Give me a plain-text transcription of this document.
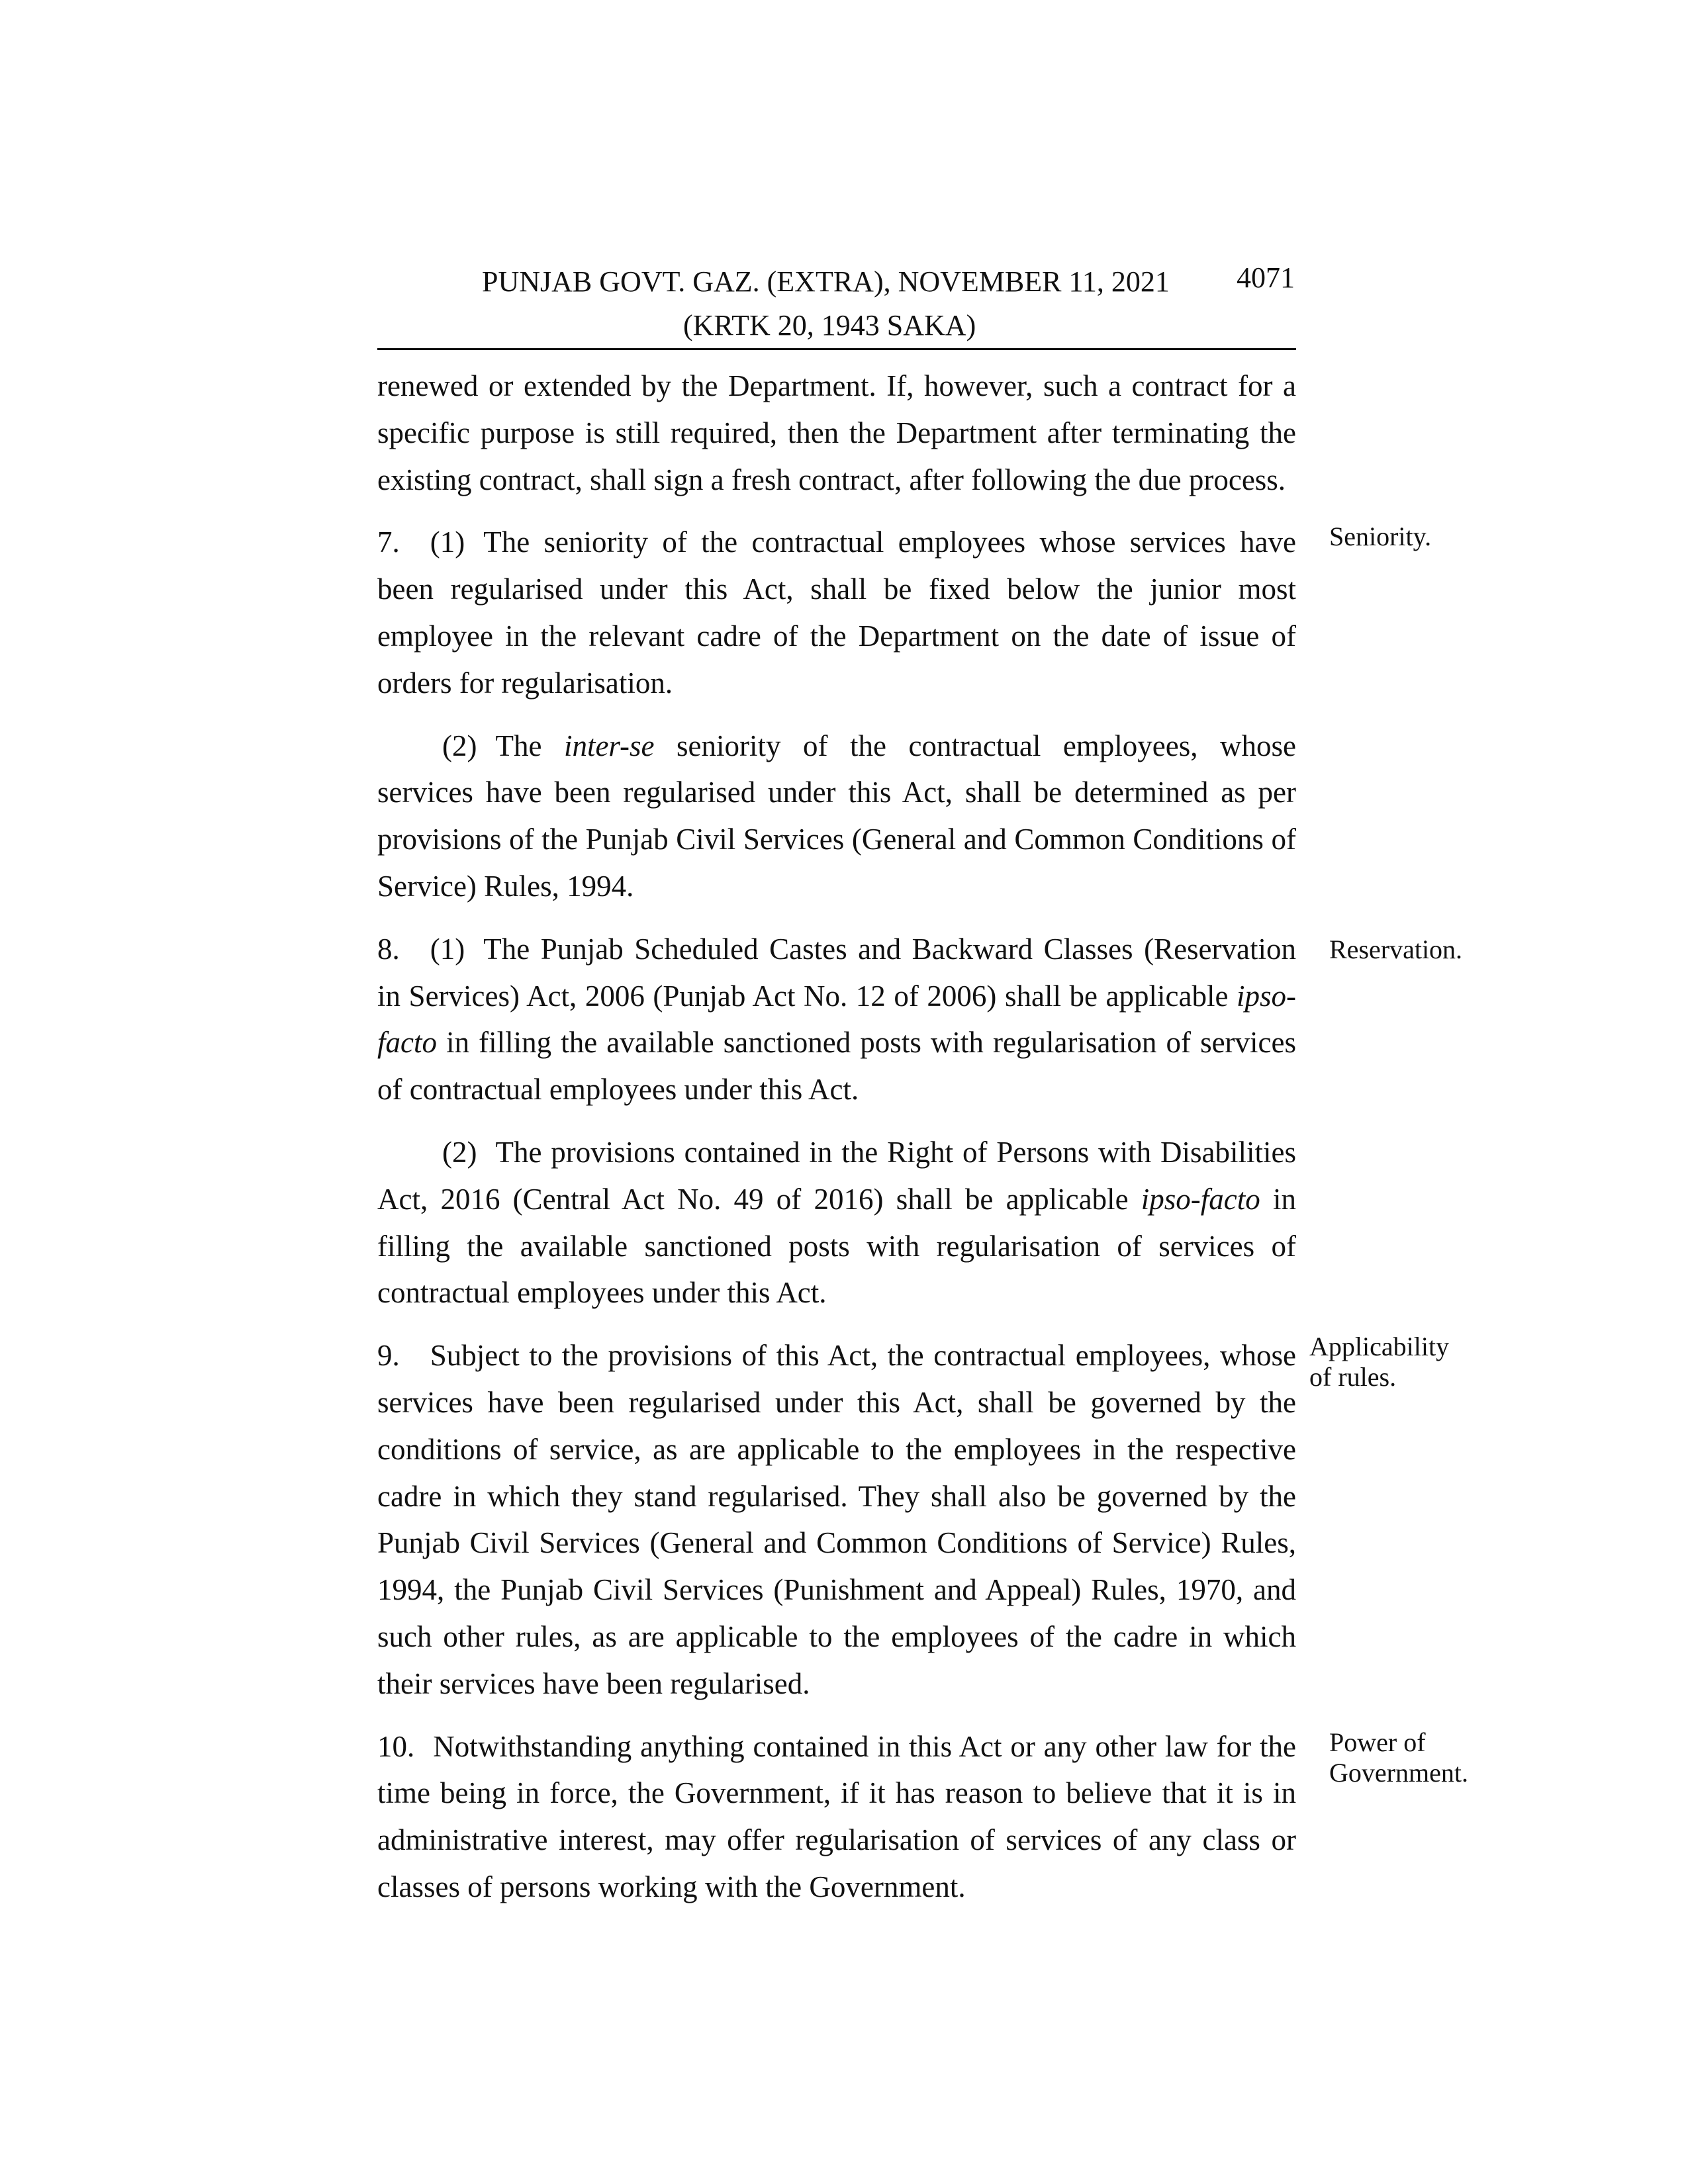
PUNJAB GOVT. GAZ. (EXTRA), NOVEMBER 11, 2021 4071
(KRTK 20, 1943 SAKA)

renewed or extended by the Department. If, however, such a contract for a specific purpose is still required, then the Department after terminating the existing contract, shall sign a fresh contract, after following the due process.

7. (1) The seniority of the contractual employees whose services have been regularised under this Act, shall be fixed below the junior most employee in the relevant cadre of the Department on the date of issue of orders for regularisation.

(2) The inter-se seniority of the contractual employees, whose services have been regularised under this Act, shall be determined as per provisions of the Punjab Civil Services (General and Common Conditions of Service) Rules, 1994.

8. (1) The Punjab Scheduled Castes and Backward Classes (Reservation in Services) Act, 2006 (Punjab Act No. 12 of 2006) shall be applicable ipso-facto in filling the available sanctioned posts with regularisation of services of contractual employees under this Act.

(2) The provisions contained in the Right of Persons with Disabilities Act, 2016 (Central Act No. 49 of 2016) shall be applicable ipso-facto in filling the available sanctioned posts with regularisation of services of contractual employees under this Act.

9. Subject to the provisions of this Act, the contractual employees, whose services have been regularised under this Act, shall be governed by the conditions of service, as are applicable to the employees in the respective cadre in which they stand regularised. They shall also be governed by the Punjab Civil Services (General and Common Conditions of Service) Rules, 1994, the Punjab Civil Services (Punishment and Appeal) Rules, 1970, and such other rules, as are applicable to the employees of the cadre in which their services have been regularised.

10. Notwithstanding anything contained in this Act or any other law for the time being in force, the Government, if it has reason to believe that it is in administrative interest, may offer regularisation of services of any class or classes of persons working with the Government.

Seniority.
Reservation.
Applicability
of rules.
Power of
Government.
